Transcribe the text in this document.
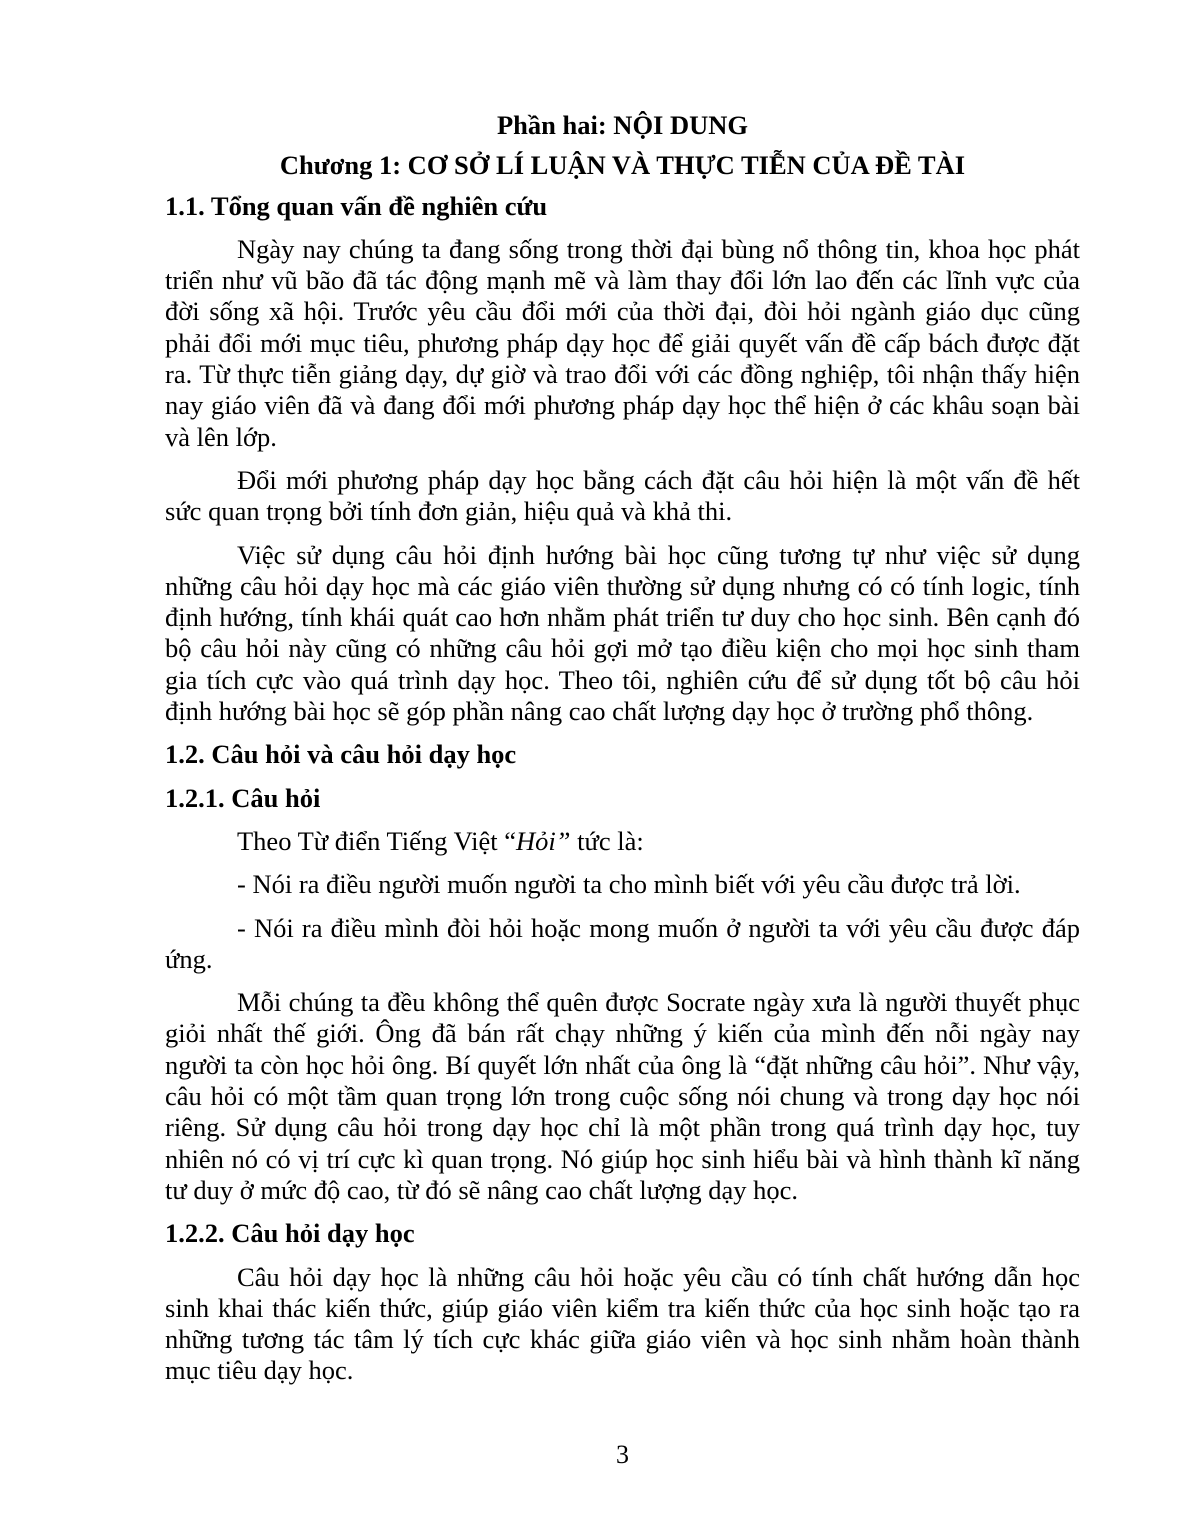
Phần hai: NỘI DUNG
Chương 1: CƠ SỞ LÍ LUẬN VÀ THỰC TIỄN CỦA ĐỀ TÀI
1.1. Tổng quan vấn đề nghiên cứu

Ngày nay chúng ta đang sống trong thời đại bùng nổ thông tin, khoa học phát triển như vũ bão đã tác động mạnh mẽ và làm thay đổi lớn lao đến các lĩnh vực của đời sống xã hội. Trước yêu cầu đổi mới của thời đại, đòi hỏi ngành giáo dục cũng phải đổi mới mục tiêu, phương pháp dạy học để giải quyết vấn đề cấp bách được đặt ra. Từ thực tiễn giảng dạy, dự giờ và trao đổi với các đồng nghiệp, tôi nhận thấy hiện nay giáo viên đã và đang đổi mới phương pháp dạy học thể hiện ở các khâu soạn bài và lên lớp.

Đổi mới phương pháp dạy học bằng cách đặt câu hỏi hiện là một vấn đề hết sức quan trọng bởi tính đơn giản, hiệu quả và khả thi.

Việc sử dụng câu hỏi định hướng bài học cũng tương tự như việc sử dụng những câu hỏi dạy học mà các giáo viên thường sử dụng nhưng có có tính logic, tính định hướng, tính khái quát cao hơn nhằm phát triển tư duy cho học sinh. Bên cạnh đó bộ câu hỏi này cũng có những câu hỏi gợi mở tạo điều kiện cho mọi học sinh tham gia tích cực vào quá trình dạy học. Theo tôi, nghiên cứu để sử dụng tốt bộ câu hỏi định hướng bài học sẽ góp phần nâng cao chất lượng dạy học ở trường phổ thông.

1.2. Câu hỏi và câu hỏi dạy học
1.2.1. Câu hỏi

Theo Từ điển Tiếng Việt “Hỏi” tức là:

- Nói ra điều người muốn người ta cho mình biết với yêu cầu được trả lời.

- Nói ra điều mình đòi hỏi hoặc mong muốn ở người ta với yêu cầu được đáp ứng.

Mỗi chúng ta đều không thể quên được Socrate ngày xưa là người thuyết phục giỏi nhất thế giới. Ông đã bán rất chạy những ý kiến của mình đến nỗi ngày nay người ta còn học hỏi ông. Bí quyết lớn nhất của ông là “đặt những câu hỏi”. Như vậy, câu hỏi có một tầm quan trọng lớn trong cuộc sống nói chung và trong dạy học nói riêng. Sử dụng câu hỏi trong dạy học chỉ là một phần trong quá trình dạy học, tuy nhiên nó có vị trí cực kì quan trọng. Nó giúp học sinh hiểu bài và hình thành kĩ năng tư duy ở mức độ cao, từ đó sẽ nâng cao chất lượng dạy học.

1.2.2. Câu hỏi dạy học

Câu hỏi dạy học là những câu hỏi hoặc yêu cầu có tính chất hướng dẫn học sinh khai thác kiến thức, giúp giáo viên kiểm tra kiến thức của học sinh hoặc tạo ra những tương tác tâm lý tích cực khác giữa giáo viên và học sinh nhằm hoàn thành mục tiêu dạy học.

3
